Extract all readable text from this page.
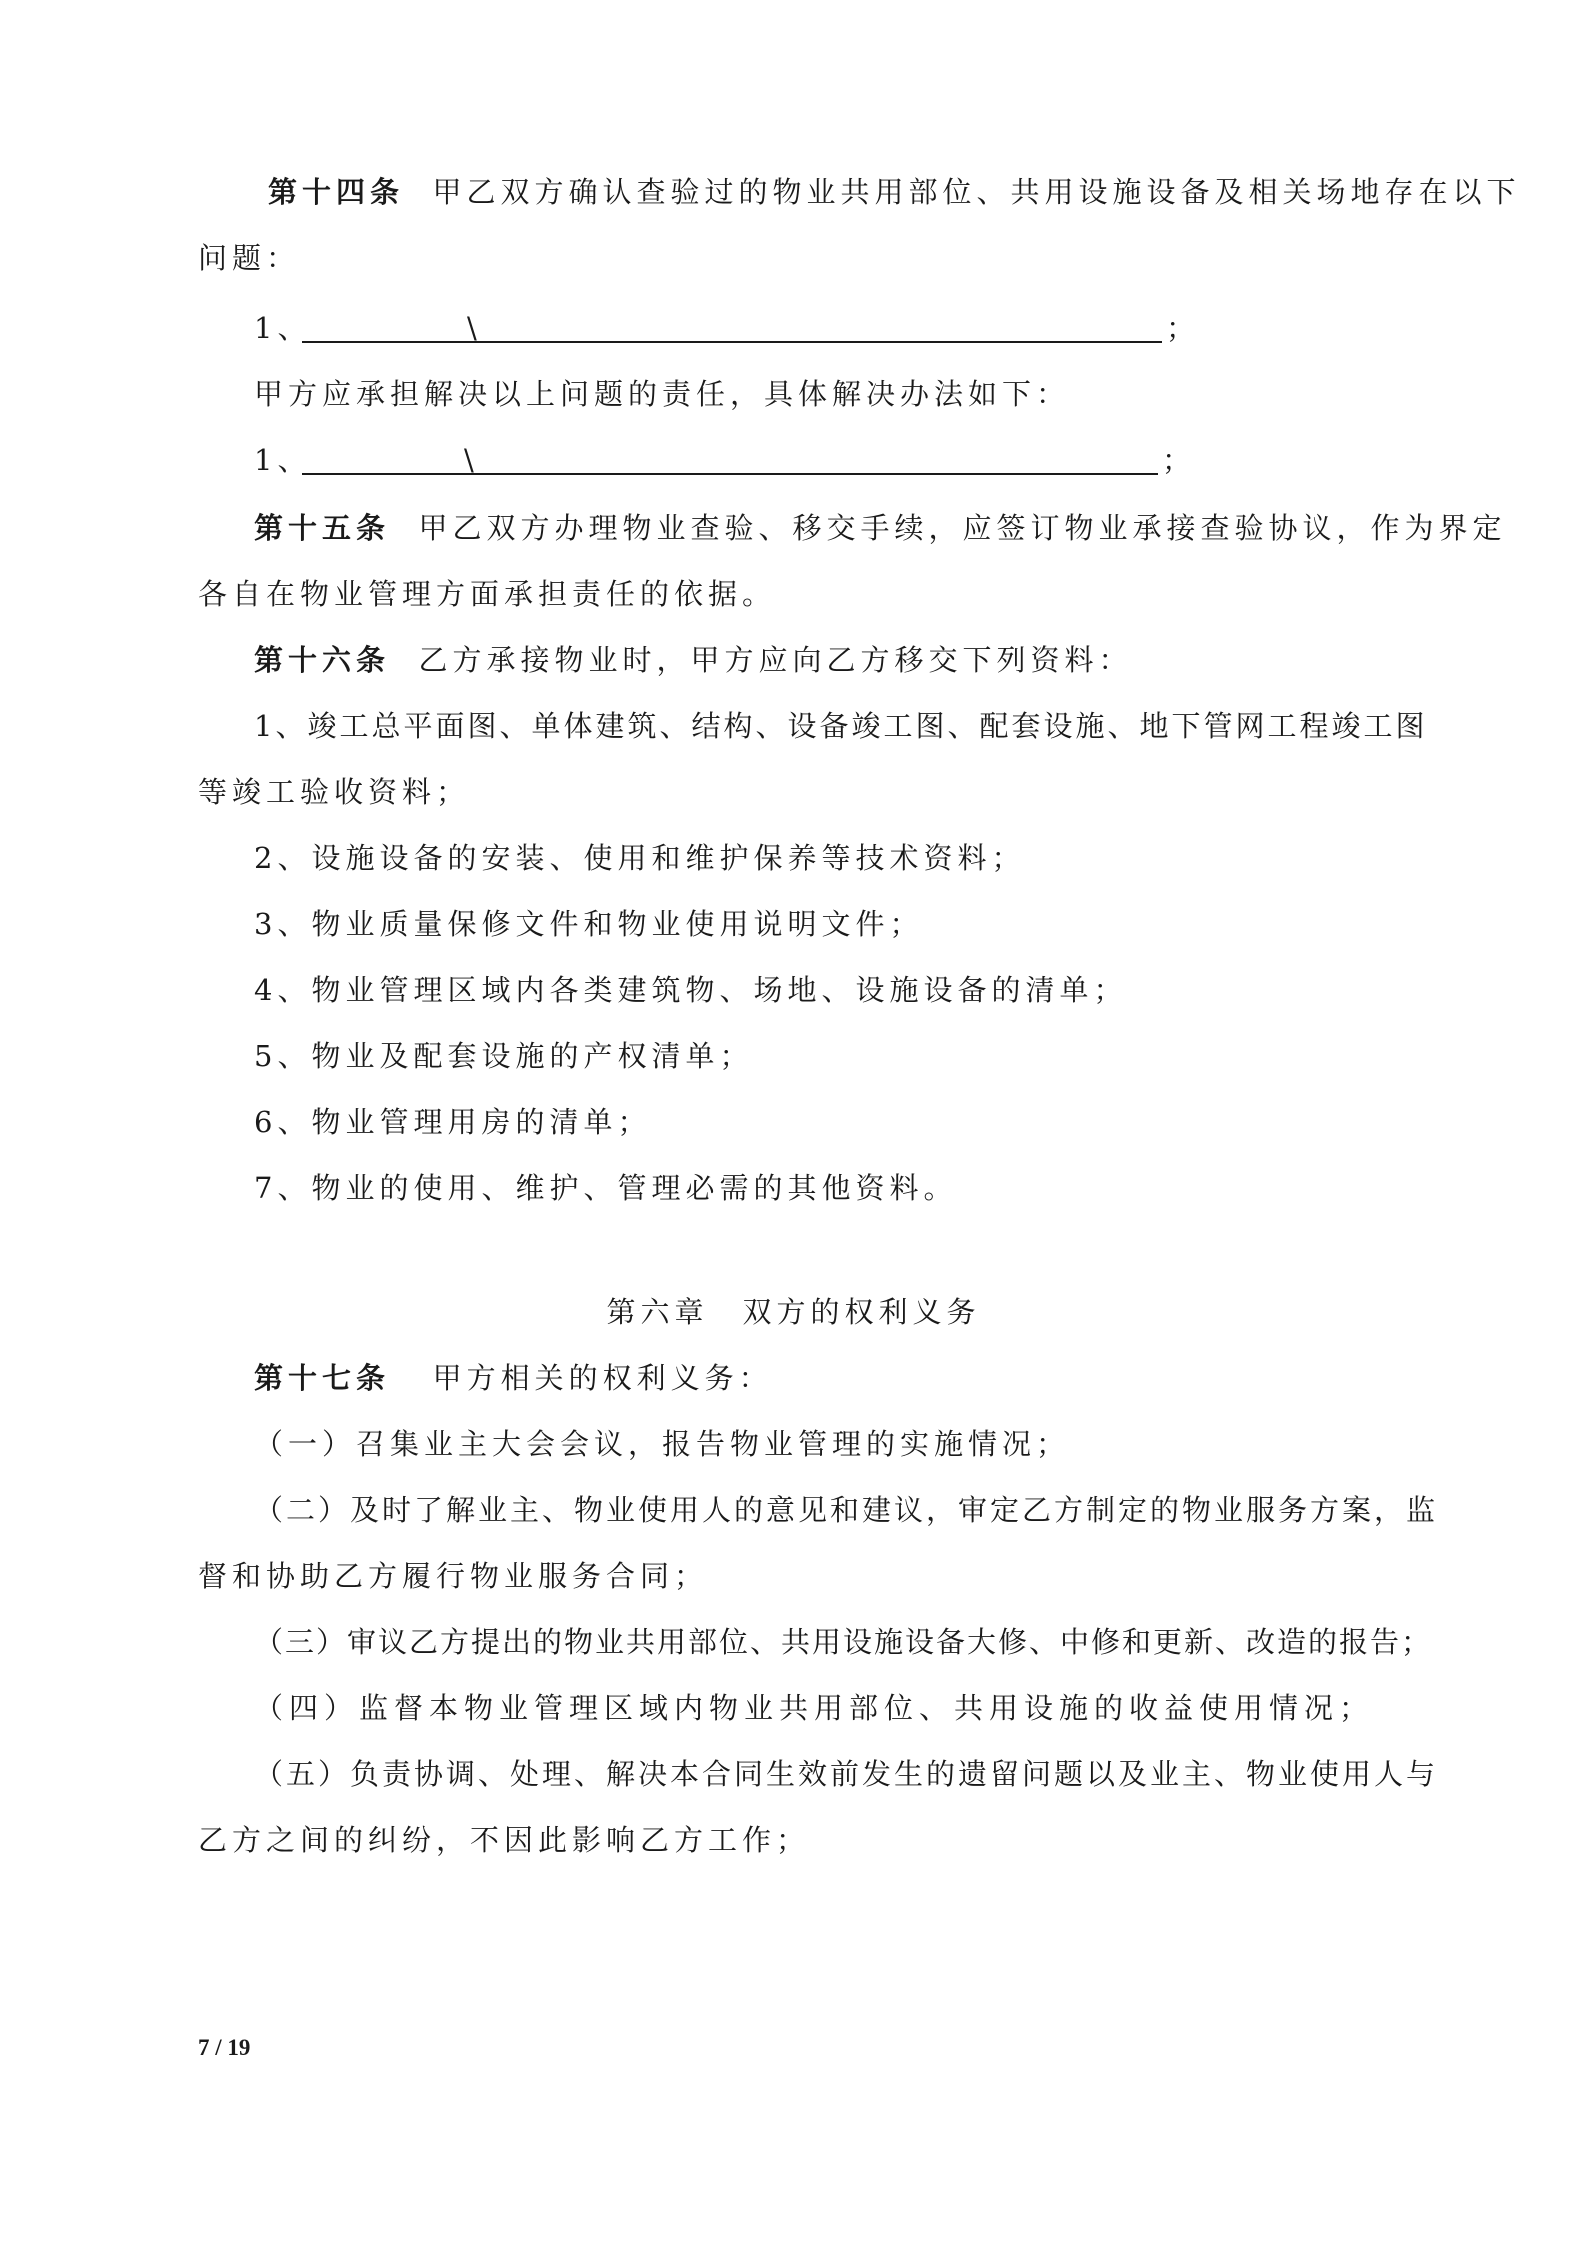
第十四条 甲乙双方确认查验过的物业共用部位、共用设施设备及相关场地存在以下
问题：
1、	\	；
甲方应承担解决以上问题的责任，具体解决办法如下：
1、	\	；
第十五条 甲乙双方办理物业查验、移交手续，应签订物业承接查验协议，作为界定
各自在物业管理方面承担责任的依据。
第十六条 乙方承接物业时，甲方应向乙方移交下列资料：
1、竣工总平面图、单体建筑、结构、设备竣工图、配套设施、地下管网工程竣工图
等竣工验收资料；
2、设施设备的安装、使用和维护保养等技术资料；
3、物业质量保修文件和物业使用说明文件；
4、物业管理区域内各类建筑物、场地、设施设备的清单；
5、物业及配套设施的产权清单；
6、物业管理用房的清单；
7、物业的使用、维护、管理必需的其他资料。
第六章　双方的权利义务
第十七条 甲方相关的权利义务：
（一）召集业主大会会议，报告物业管理的实施情况；
（二）及时了解业主、物业使用人的意见和建议，审定乙方制定的物业服务方案，监
督和协助乙方履行物业服务合同；
（三）审议乙方提出的物业共用部位、共用设施设备大修、中修和更新、改造的报告；
（四）监督本物业管理区域内物业共用部位、共用设施的收益使用情况；
（五）负责协调、处理、解决本合同生效前发生的遗留问题以及业主、物业使用人与
乙方之间的纠纷，不因此影响乙方工作；
7 / 19
